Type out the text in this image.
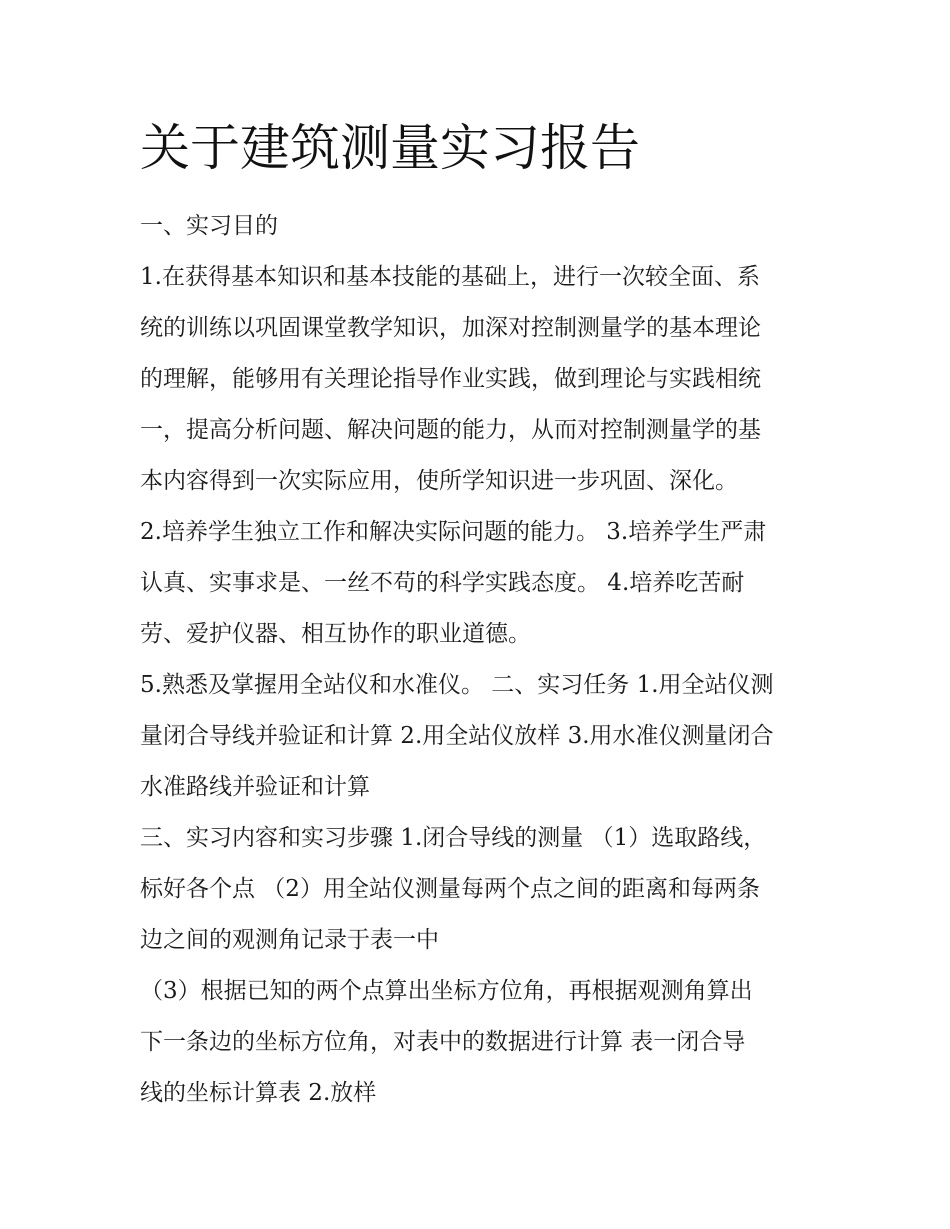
关于建筑测量实习报告
一、实习目的
1.在获得基本知识和基本技能的基础上，进行一次较全面、系
统的训练以巩固课堂教学知识，加深对控制测量学的基本理论
的理解，能够用有关理论指导作业实践，做到理论与实践相统
一，提高分析问题、解决问题的能力，从而对控制测量学的基
本内容得到一次实际应用，使所学知识进一步巩固、深化。
2.培养学生独立工作和解决实际问题的能力。 3.培养学生严肃
认真、实事求是、一丝不苟的科学实践态度。 4.培养吃苦耐
劳、爱护仪器、相互协作的职业道德。
5.熟悉及掌握用全站仪和水准仪。 二、实习任务 1.用全站仪测
量闭合导线并验证和计算 2.用全站仪放样 3.用水准仪测量闭合
水准路线并验证和计算
三、实习内容和实习步骤 1.闭合导线的测量 （1）选取路线，
标好各个点 （2）用全站仪测量每两个点之间的距离和每两条
边之间的观测角记录于表一中
（3）根据已知的两个点算出坐标方位角，再根据观测角算出
下一条边的坐标方位角，对表中的数据进行计算 表一闭合导
线的坐标计算表 2.放样
